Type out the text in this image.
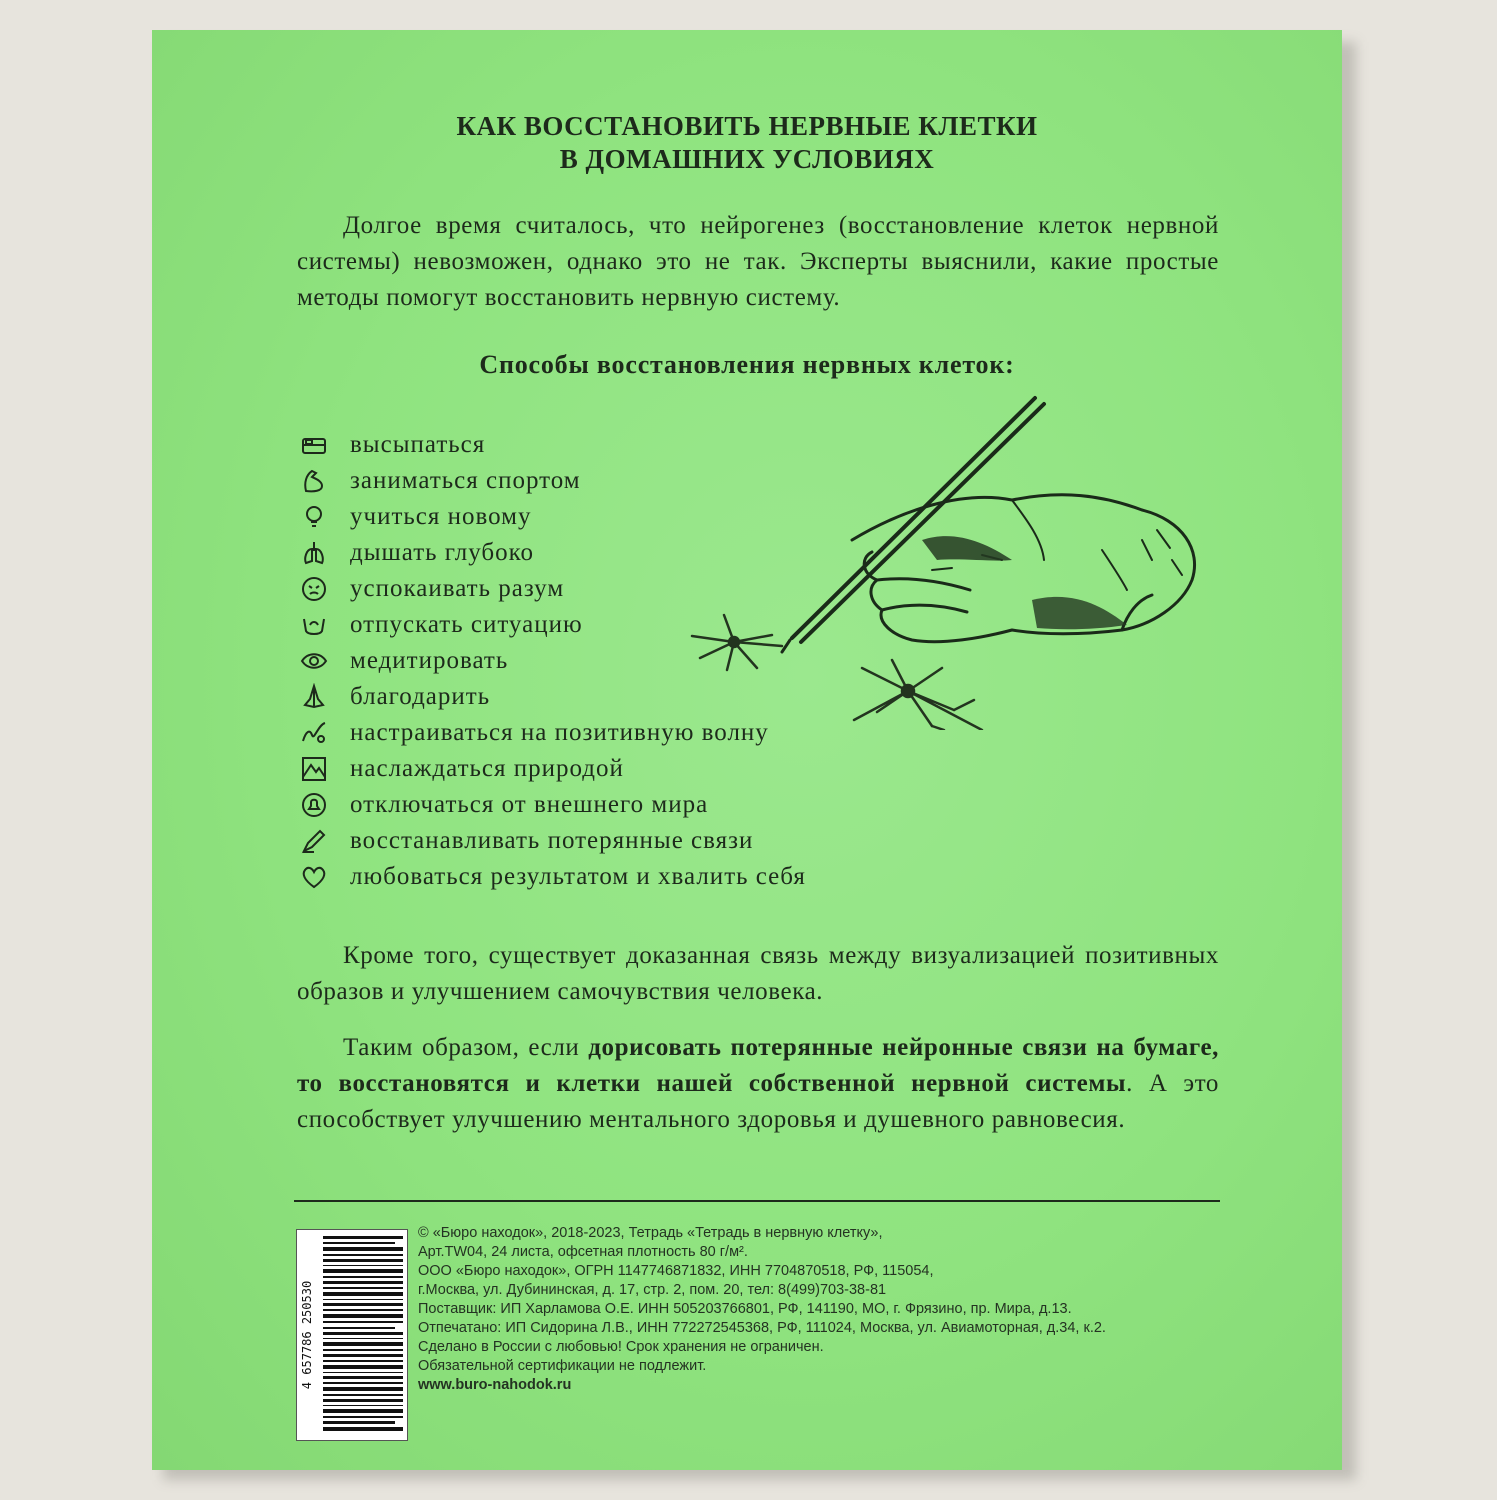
КАК ВОССТАНОВИТЬ НЕРВНЫЕ КЛЕТКИ
В ДОМАШНИХ УСЛОВИЯХ
Долгое время считалось, что нейрогенез (восстановление клеток нервной системы) невозможен, однако это не так. Эксперты выяснили, какие простые методы помогут восстановить нервную систему.
Способы восстановления нервных клеток:
высыпаться
заниматься спортом
учиться новому
дышать глубоко
успокаивать разум
отпускать ситуацию
медитировать
благодарить
настраиваться на позитивную волну
наслаждаться природой
отключаться от внешнего мира
восстанавливать потерянные связи
любоваться результатом и хвалить себя
Кроме того, существует доказанная связь между визуализацией позитивных образов и улучшением самочувствия человека.
Таким образом, если дорисовать потерянные нейронные связи на бумаге, то восстановятся и клетки нашей собственной нервной системы. А это способствует улучшению ментального здоровья и душевного равновесия.
4 657786 250530
© «Бюро находок», 2018-2023, Тетрадь «Тетрадь в нервную клетку»,
Арт.TW04, 24 листа, офсетная плотность 80 г/м².
ООО «Бюро находок», ОГРН 1147746871832, ИНН 7704870518, РФ, 115054,
г.Москва, ул. Дубининская, д. 17, стр. 2, пом. 20, тел: 8(499)703-38-81
Поставщик: ИП Харламова О.Е. ИНН 505203766801, РФ, 141190, МО, г. Фрязино, пр. Мира, д.13.
Отпечатано: ИП Сидорина Л.В., ИНН 772272545368, РФ, 111024, Москва, ул. Авиамоторная, д.34, к.2.
Сделано в России с любовью! Срок хранения не ограничен.
Обязательной сертификации не подлежит.
www.buro-nahodok.ru
